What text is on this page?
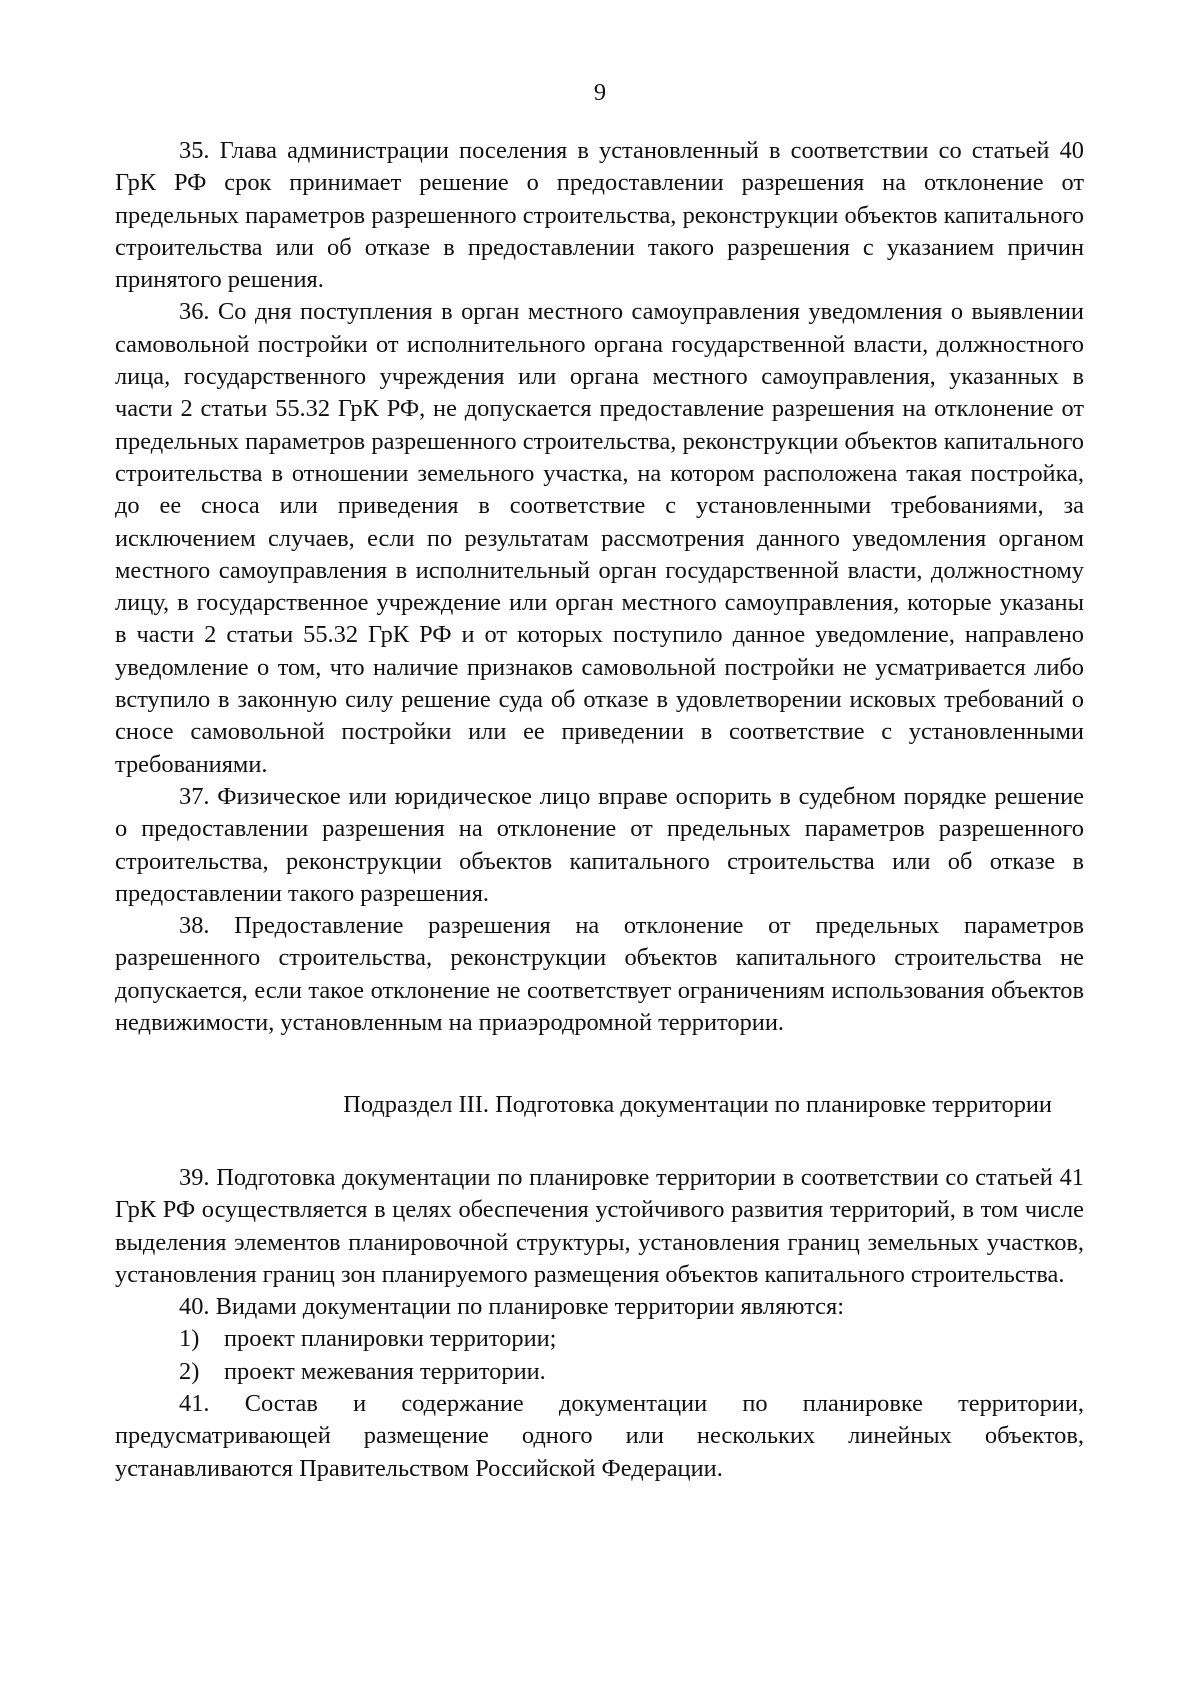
9

35. Глава администрации поселения в установленный в соответствии со статьей 40 ГрК РФ срок принимает решение о предоставлении разрешения на отклонение от предельных параметров разрешенного строительства, реконструкции объектов капитального строительства или об отказе в предоставлении такого разрешения с указанием причин принятого решения.

36. Со дня поступления в орган местного самоуправления уведомления о выявлении самовольной постройки от исполнительного органа государственной власти, должностного лица, государственного учреждения или органа местного самоуправления, указанных в части 2 статьи 55.32 ГрК РФ, не допускается предоставление разрешения на отклонение от предельных параметров разрешенного строительства, реконструкции объектов капитального строительства в отношении земельного участка, на котором расположена такая постройка, до ее сноса или приведения в соответствие с установленными требованиями, за исключением случаев, если по результатам рассмотрения данного уведомления органом местного самоуправления в исполнительный орган государственной власти, должностному лицу, в государственное учреждение или орган местного самоуправления, которые указаны в части 2 статьи 55.32 ГрК РФ и от которых поступило данное уведомление, направлено уведомление о том, что наличие признаков самовольной постройки не усматривается либо вступило в законную силу решение суда об отказе в удовлетворении исковых требований о сносе самовольной постройки или ее приведении в соответствие с установленными требованиями.

37. Физическое или юридическое лицо вправе оспорить в судебном порядке решение о предоставлении разрешения на отклонение от предельных параметров разрешенного строительства, реконструкции объектов капитального строительства или об отказе в предоставлении такого разрешения.

38. Предоставление разрешения на отклонение от предельных параметров разрешенного строительства, реконструкции объектов капитального строительства не допускается, если такое отклонение не соответствует ограничениям использования объектов недвижимости, установленным на приаэродромной территории.

Подраздел III. Подготовка документации по планировке территории

39. Подготовка документации по планировке территории в соответствии со статьей 41 ГрК РФ осуществляется в целях обеспечения устойчивого развития территорий, в том числе выделения элементов планировочной структуры, установления границ земельных участков, установления границ зон планируемого размещения объектов капитального строительства.

40. Видами документации по планировке территории являются:

1) проект планировки территории;

2) проект межевания территории.

41. Состав и содержание документации по планировке территории, предусматривающей размещение одного или нескольких линейных объектов, устанавливаются Правительством Российской Федерации.
